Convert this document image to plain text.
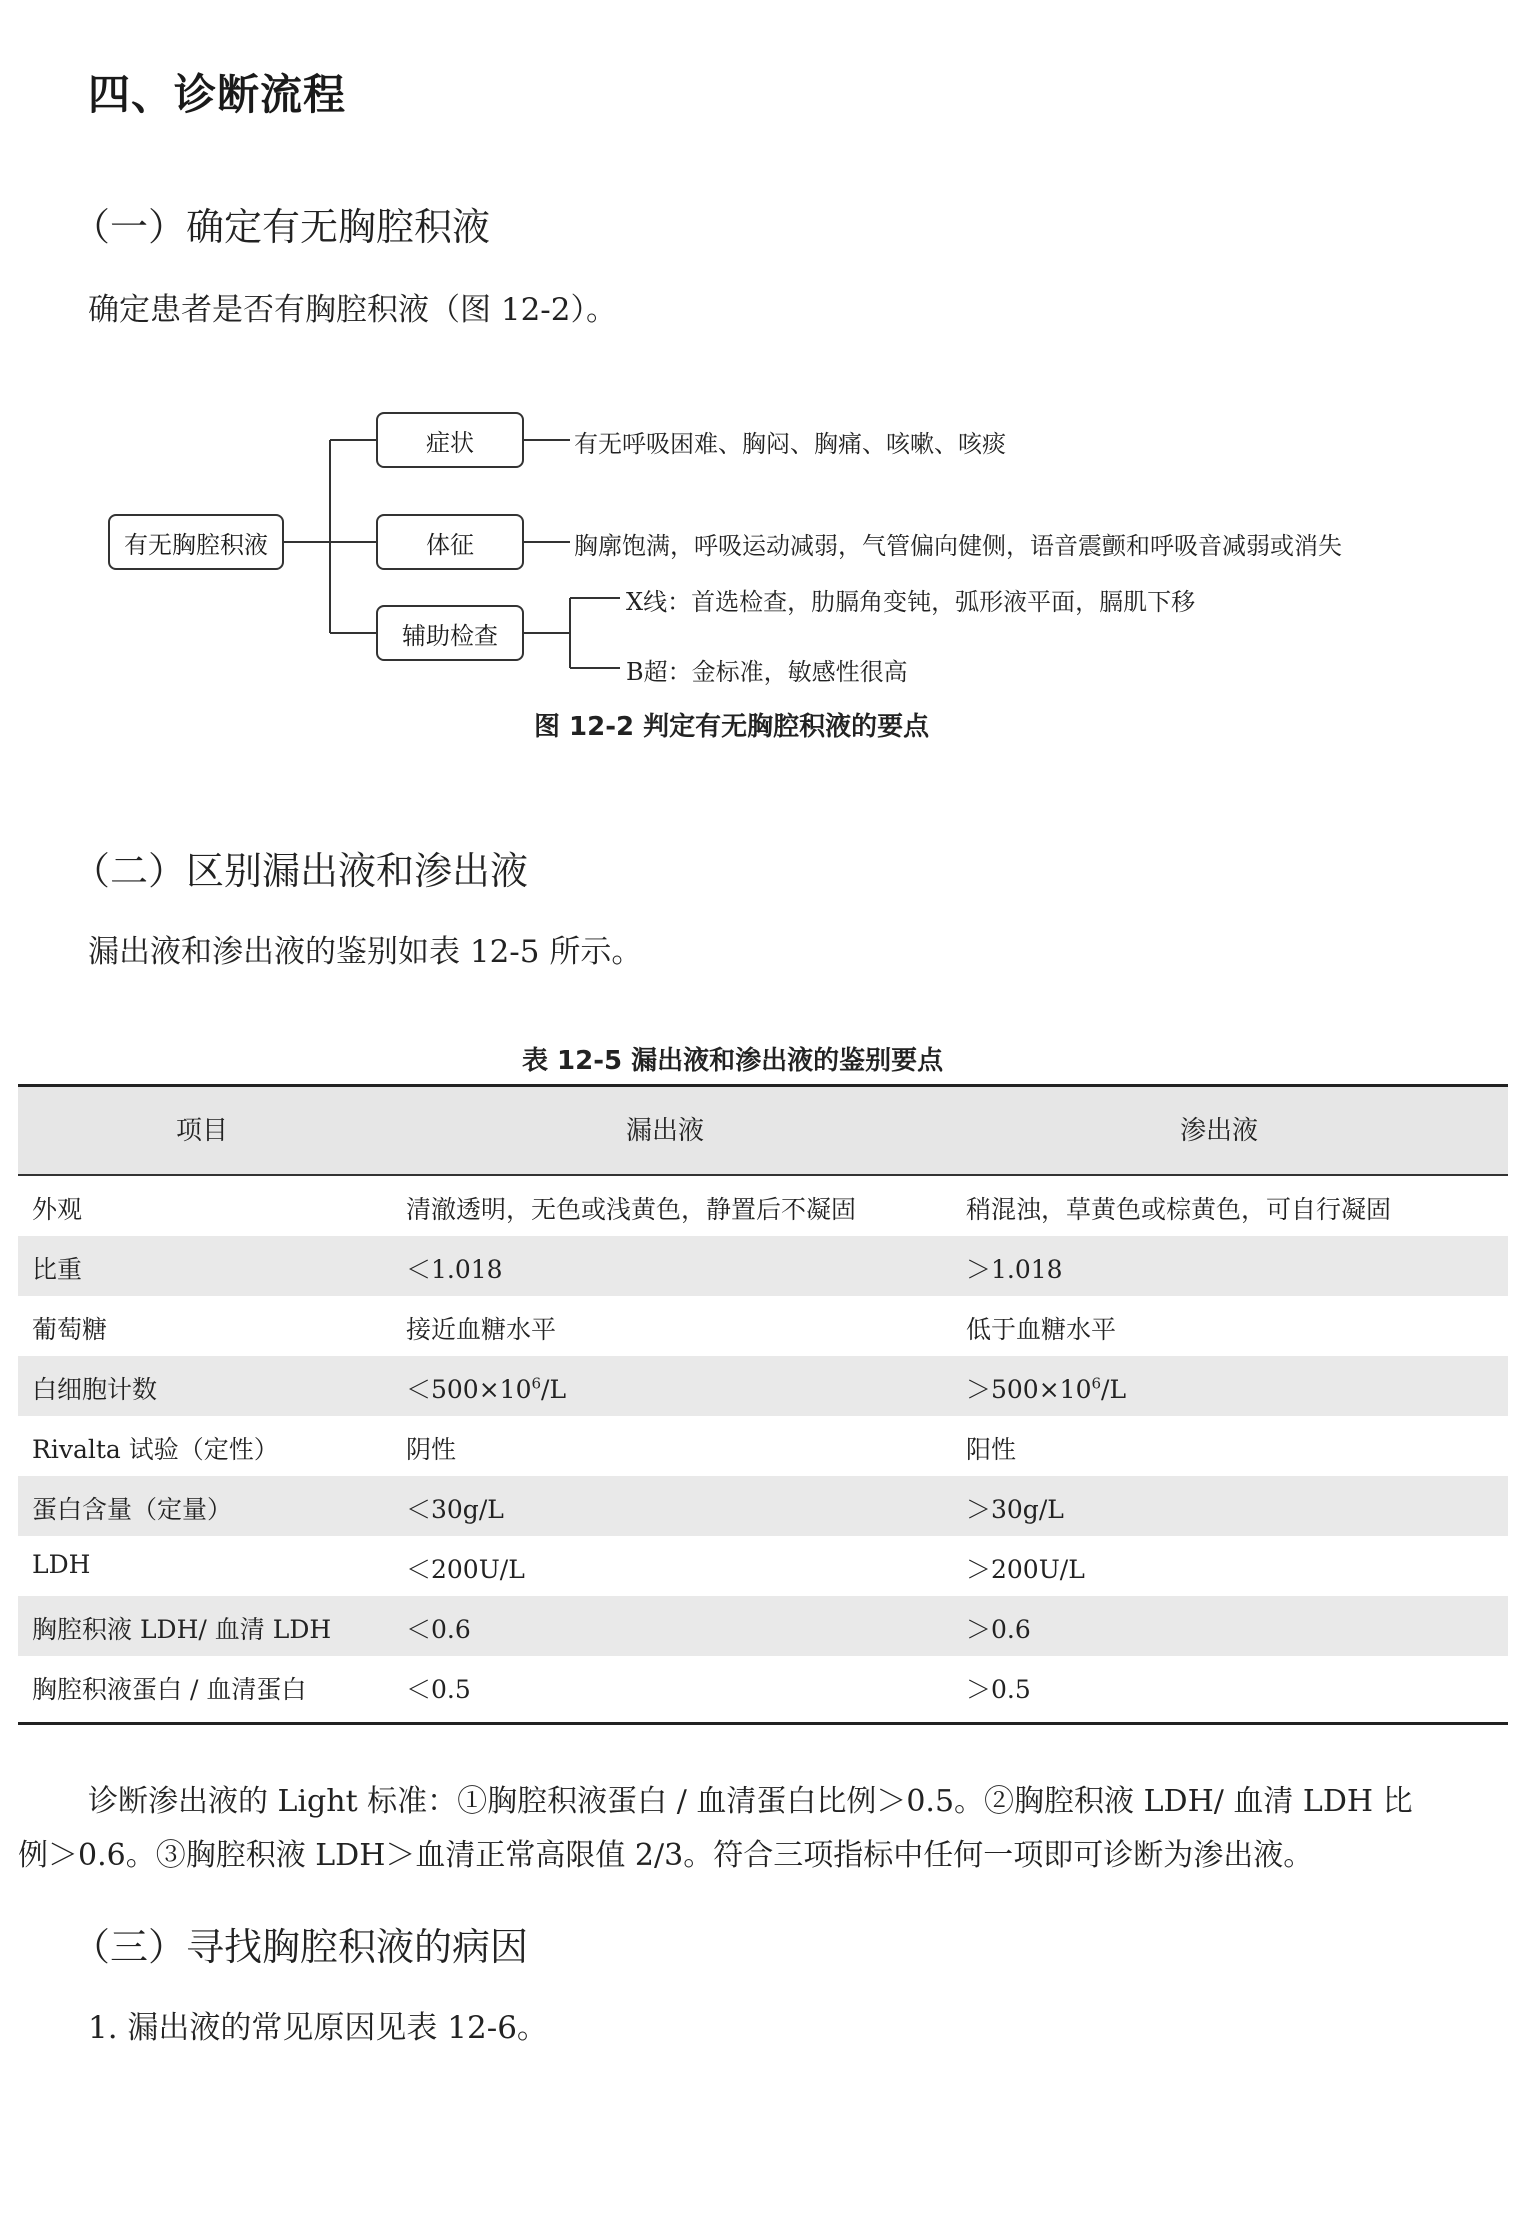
四、诊断流程
（一）确定有无胸腔积液
确定患者是否有胸腔积液（图 12-2）。
有无胸腔积液
症状
体征
辅助检查
有无呼吸困难、胸闷、胸痛、咳嗽、咳痰
胸廓饱满，呼吸运动减弱，气管偏向健侧，语音震颤和呼吸音减弱或消失
X线：首选检查，肋膈角变钝，弧形液平面，膈肌下移
B超：金标准，敏感性很高
图 12-2 判定有无胸腔积液的要点
（二）区别漏出液和渗出液
漏出液和渗出液的鉴别如表 12-5 所示。
表 12-5 漏出液和渗出液的鉴别要点
项目	漏出液	渗出液
外观	清澈透明，无色或浅黄色，静置后不凝固	稍混浊，草黄色或棕黄色，可自行凝固
比重	＜1.018	＞1.018
葡萄糖	接近血糖水平	低于血糖水平
白细胞计数	$<500\times 10^6/L$	$>500\times 10^6/L$
Rivalta 试验（定性）	阴性	阳性
蛋白含量（定量）	＜30g/L	＞30g/L
LDH	＜200U/L	＞200U/L
胸腔积液 LDH/ 血清 LDH	＜0.6	＞0.6
胸腔积液蛋白 / 血清蛋白	＜0.5	＞0.5
诊断渗出液的 Light 标准：①胸腔积液蛋白 / 血清蛋白比例＞0.5。②胸腔积液 LDH/ 血清 LDH 比
例＞0.6。③胸腔积液 LDH＞血清正常高限值 2/3。符合三项指标中任何一项即可诊断为渗出液。
（三）寻找胸腔积液的病因
1. 漏出液的常见原因见表 12-6。
